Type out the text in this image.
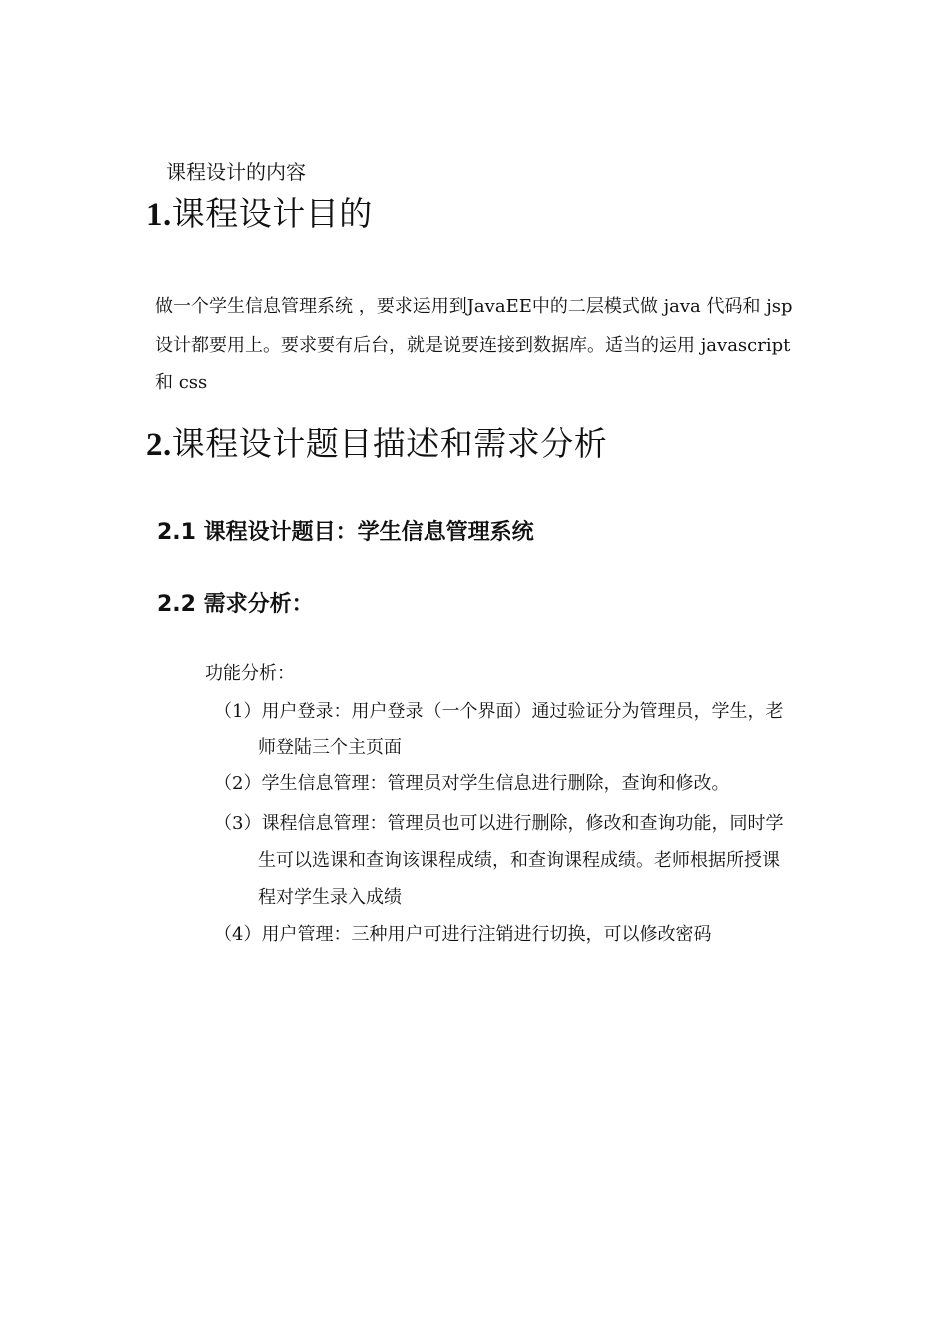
课程设计的内容
1.课程设计目的
做一个学生信息管理系统 ，要求运用到JavaEE中的二层模式做 java 代码和 jsp
设计都要用上。要求要有后台，就是说要连接到数据库。适当的运用 javascript
和 css
2.课程设计题目描述和需求分析
2.1 课程设计题目：学生信息管理系统
2.2 需求分析：
功能分析：
（1）用户登录：用户登录（一个界面）通过验证分为管理员，学生，老
师登陆三个主页面
（2）学生信息管理：管理员对学生信息进行删除，查询和修改。
（3）课程信息管理：管理员也可以进行删除，修改和查询功能，同时学
生可以选课和查询该课程成绩，和查询课程成绩。老师根据所授课
程对学生录入成绩
（4）用户管理：三种用户可进行注销进行切换，可以修改密码
